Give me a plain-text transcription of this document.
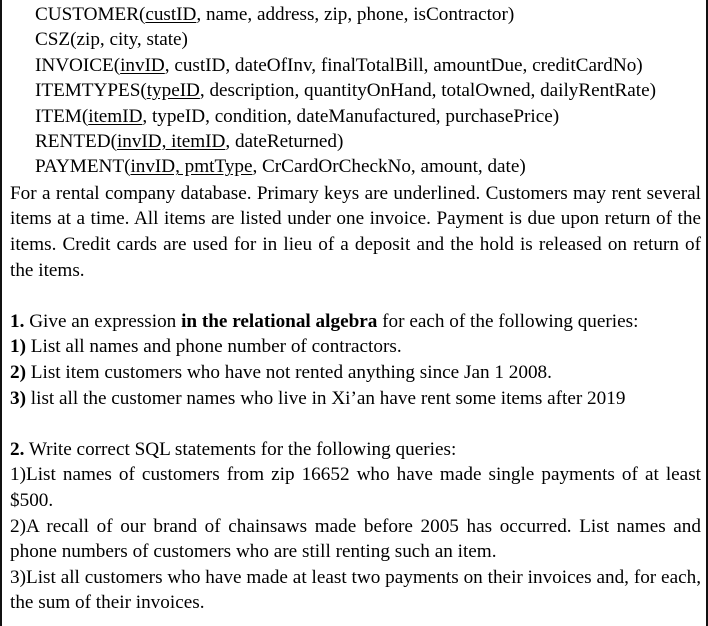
CUSTOMER(custID, name, address, zip, phone, isContractor)
CSZ(zip, city, state)
INVOICE(invID, custID, dateOfInv, finalTotalBill, amountDue, creditCardNo)
ITEMTYPES(typeID, description, quantityOnHand, totalOwned, dailyRentRate)
ITEM(itemID, typeID, condition, dateManufactured, purchasePrice)
RENTED(invID, itemID, dateReturned)
PAYMENT(invID, pmtType, CrCardOrCheckNo, amount, date)

For a rental company database. Primary keys are underlined. Customers may rent several items at a time. All items are listed under one invoice. Payment is due upon return of the items. Credit cards are used for in lieu of a deposit and the hold is released on return of the items.

1. Give an expression in the relational algebra for each of the following queries:
1) List all names and phone number of contractors.
2) List item customers who have not rented anything since Jan 1 2008.
3) list all the customer names who live in Xi’an have rent some items after 2019
2. Write correct SQL statements for the following queries:
1)List names of customers from zip 16652 who have made single payments of at least $500.
2)A recall of our brand of chainsaws made before 2005 has occurred. List names and phone numbers of customers who are still renting such an item.
3)List all customers who have made at least two payments on their invoices and, for each, the sum of their invoices.
